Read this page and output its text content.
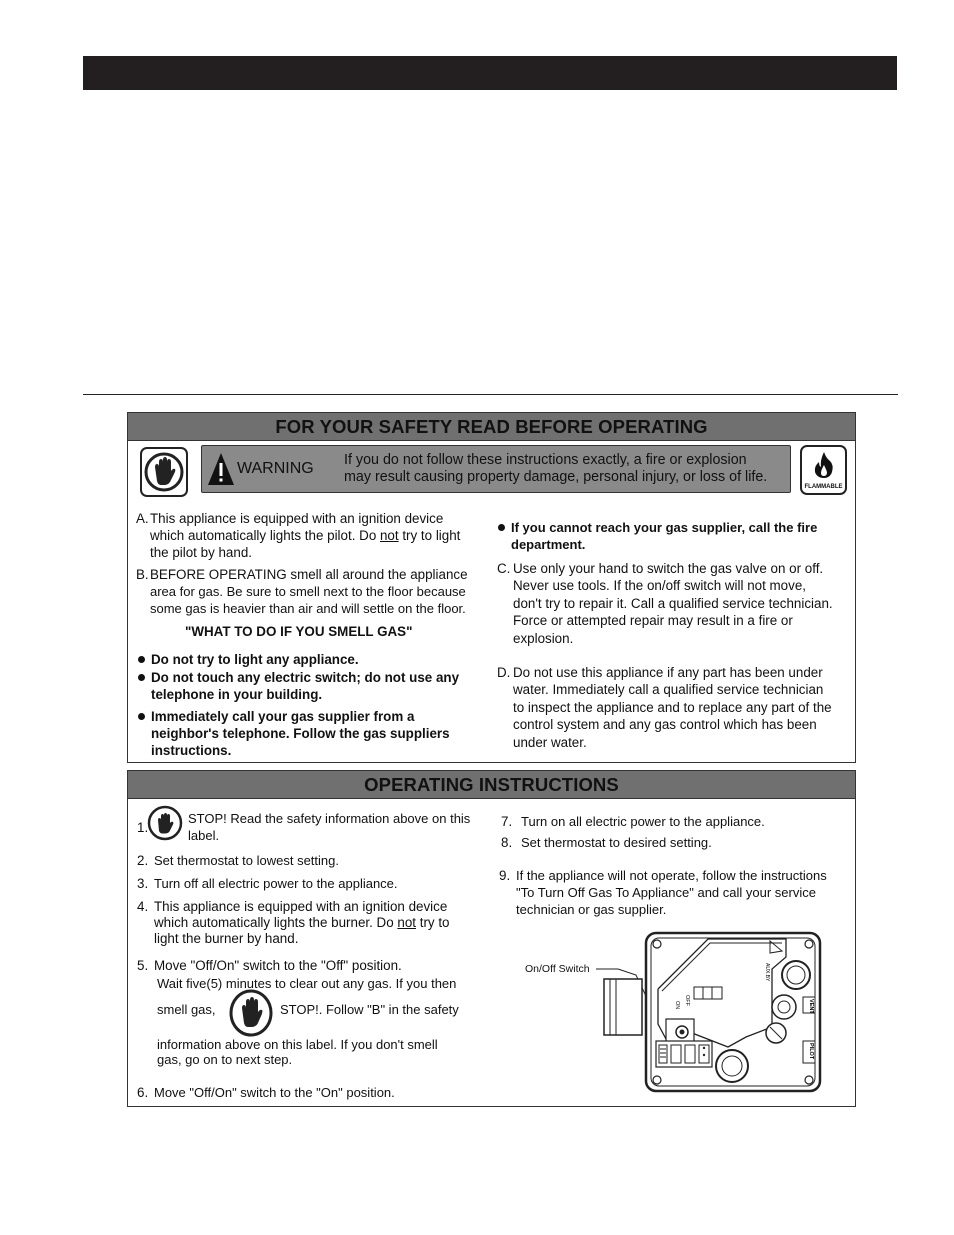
FOR YOUR SAFETY READ BEFORE OPERATING
WARNING If you do not follow these instructions exactly, a fire or explosion
may result causing property damage, personal injury, or loss of life.
FLAMMABLE
A. This appliance is equipped with an ignition device
which automatically lights the pilot. Do not try to light
the pilot by hand.
B. BEFORE OPERATING smell all around the appliance
area for gas. Be sure to smell next to the floor because
some gas is heavier than air and will settle on the floor.
"WHAT TO DO IF YOU SMELL GAS"
Do not try to light any appliance.
Do not touch any electric switch; do not use any
telephone in your building.
Immediately call your gas supplier from a
neighbor's telephone. Follow the gas suppliers
instructions.
If you cannot reach your gas supplier, call the fire
department.
C. Use only your hand to switch the gas valve on or off.
Never use tools. If the on/off switch will not move,
don't try to repair it. Call a qualified service technician.
Force or attempted repair may result in a fire or
explosion.
D. Do not use this appliance if any part has been under
water. Immediately call a qualified service technician
to inspect the appliance and to replace any part of the
control system and any gas control which has been
under water.
OPERATING INSTRUCTIONS
1.
STOP! Read the safety information above on this
label.
2. Set thermostat to lowest setting.
3. Turn off all electric power to the appliance.
4. This appliance is equipped with an ignition device
which automatically lights the burner. Do not try to
light the burner by hand.
5. Move "Off/On" switch to the "Off" position.
Wait five(5) minutes to clear out any gas. If you then
smell gas,	STOP!. Follow "B" in the safety
information above on this label. If you don't smell
gas, go on to next step.
6. Move "Off/On" switch to the "On" position.
7. Turn on all electric power to the appliance.
8. Set thermostat to desired setting.
9. If the appliance will not operate, follow the instructions
"To Turn Off Gas To Appliance" and call your service
technician or gas supplier.
On/Off Switch
OFF
ON
AUX.BY
VENT
PILOT
